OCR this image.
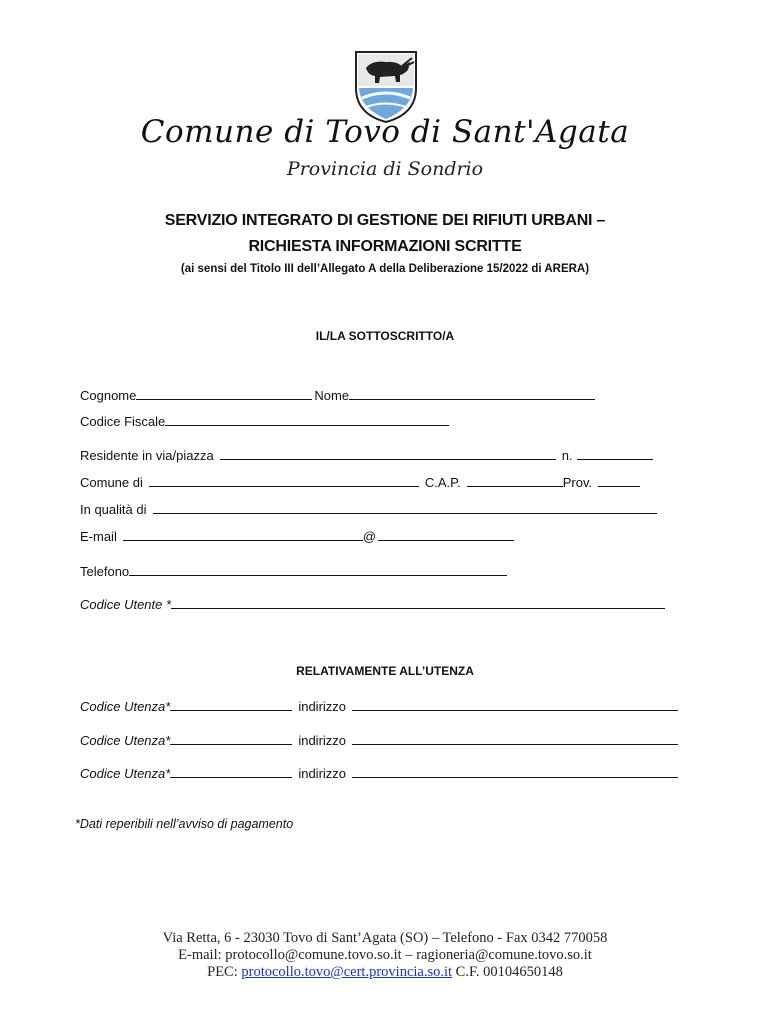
Comune di Tovo di Sant'Agata
Provincia di Sondrio
SERVIZIO INTEGRATO DI GESTIONE DEI RIFIUTI URBANI –
RICHIESTA INFORMAZIONI SCRITTE
(ai sensi del Titolo III dell’Allegato A della Deliberazione 15/2022 di ARERA)
IL/LA SOTTOSCRITTO/A
Cognome	Nome
Codice Fiscale
Residente in via/piazza	n.
Comune di	C.A.P.	Prov.
In qualità di
E-mail	@
Telefono
Codice Utente *
RELATIVAMENTE ALL’UTENZA
Codice Utenza*	indirizzo
Codice Utenza*	indirizzo
Codice Utenza*	indirizzo
*Dati reperibili nell’avviso di pagamento
Via Retta, 6 - 23030 Tovo di Sant’Agata (SO) – Telefono - Fax 0342 770058
E-mail: protocollo@comune.tovo.so.it – ragioneria@comune.tovo.so.it
PEC: protocollo.tovo@cert.provincia.so.it C.F. 00104650148
